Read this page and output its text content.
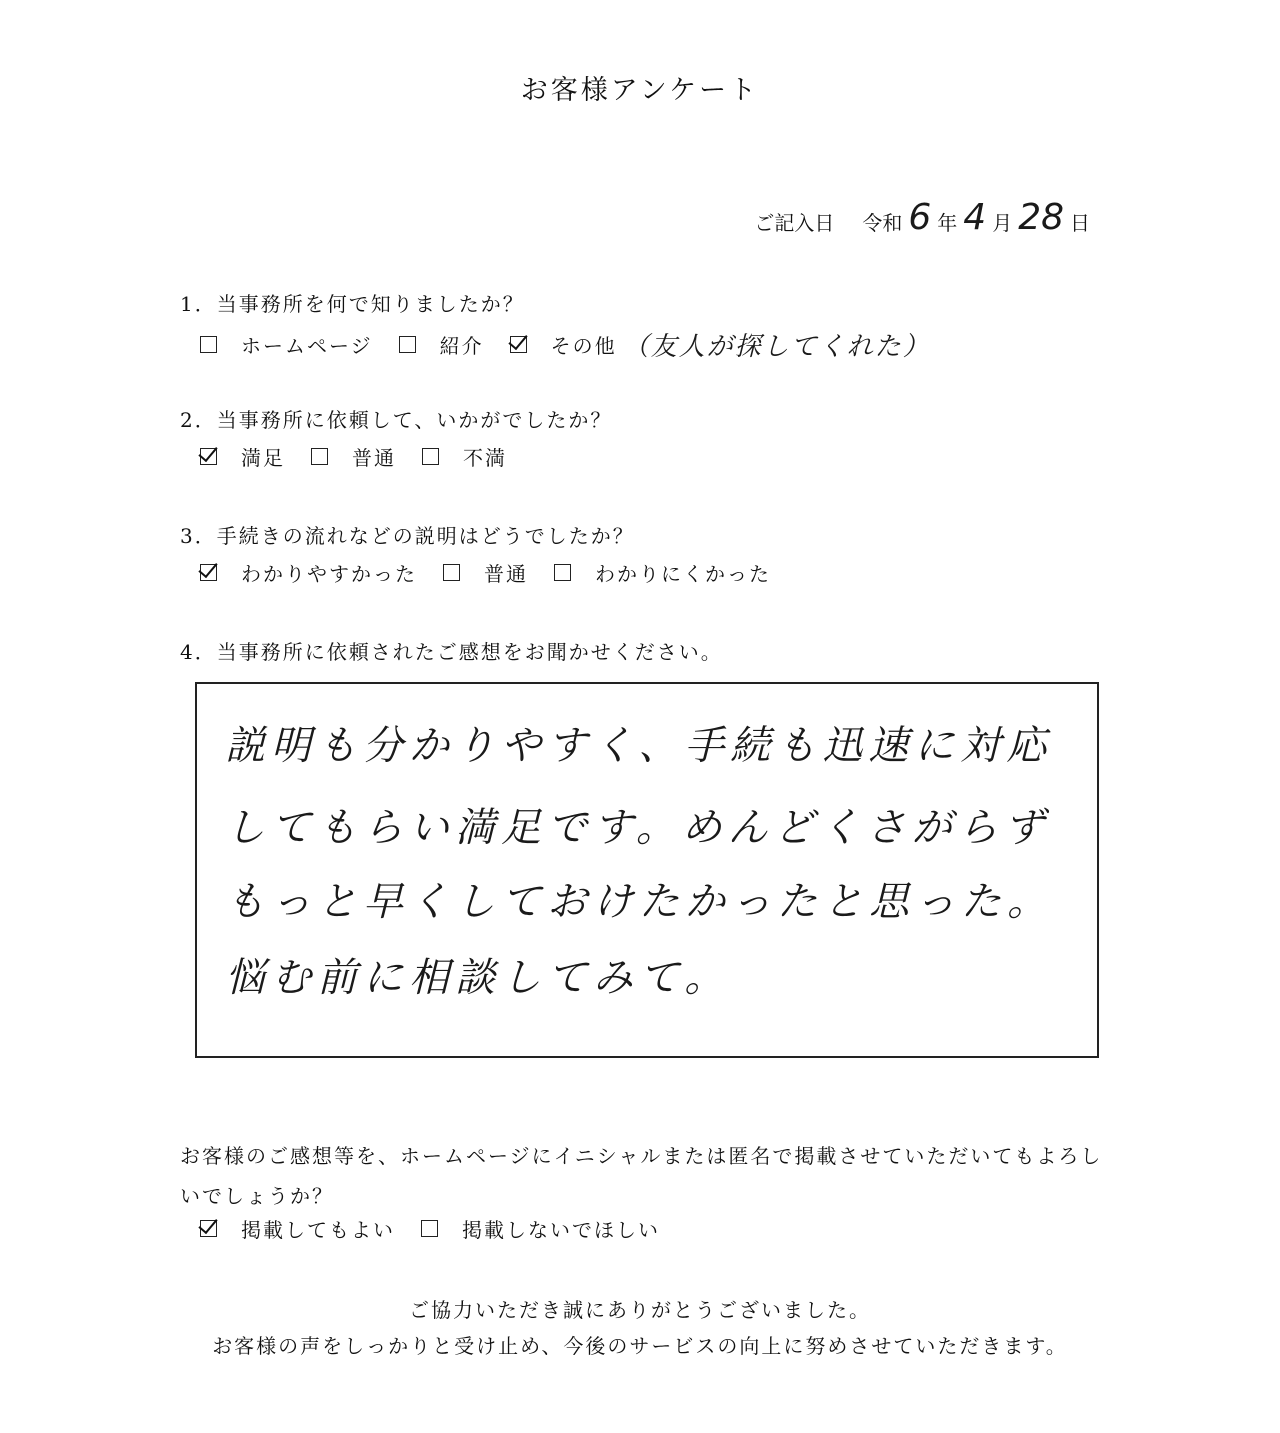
お客様アンケート
ご記入日 令和 6 年 4 月 28 日
1．当事務所を何で知りましたか？
ホームページ	紹介	その他 （友人が探してくれた）
2．当事務所に依頼して、いかがでしたか？
満足	普通	不満
3．手続きの流れなどの説明はどうでしたか？
わかりやすかった	普通	わかりにくかった
4．当事務所に依頼されたご感想をお聞かせください。
説明も分かりやすく、手続も迅速に対応
してもらい満足です。めんどくさがらず
もっと早くしておけたかったと思った。
悩む前に相談してみて。
お客様のご感想等を、ホームページにイニシャルまたは匿名で掲載させていただいてもよろしいでしょうか？
掲載してもよい	掲載しないでほしい
ご協力いただき誠にありがとうございました。
お客様の声をしっかりと受け止め、今後のサービスの向上に努めさせていただきます。
